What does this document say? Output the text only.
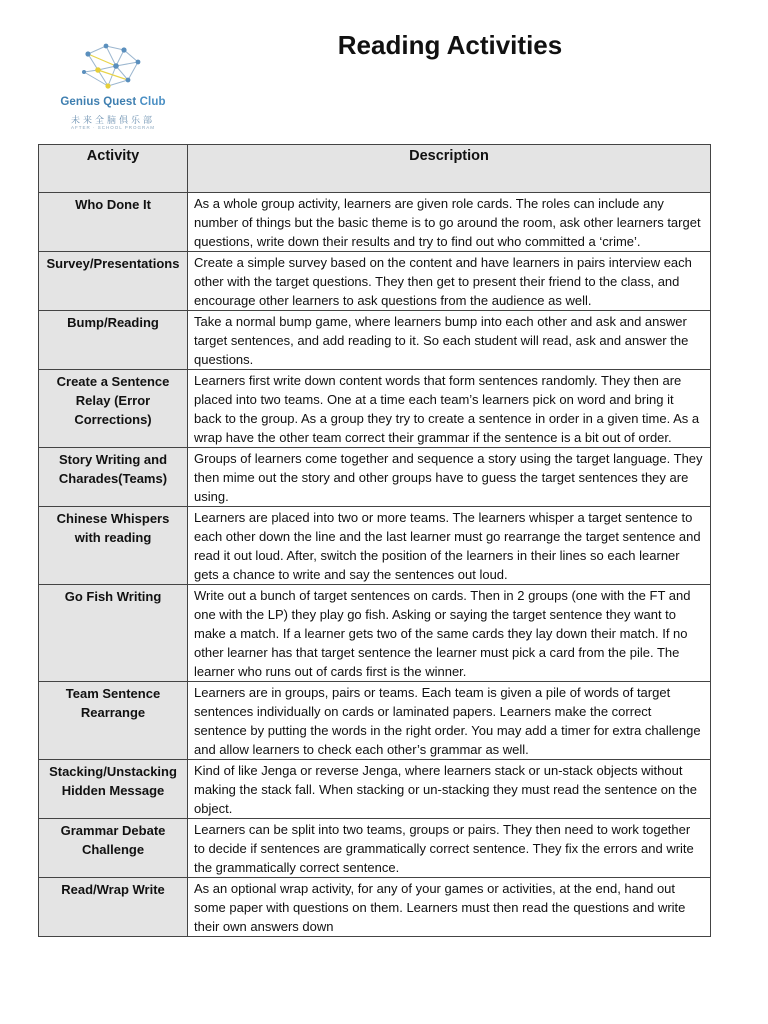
Genius Quest Club
未来全脑俱乐部
AFTER · SCHOOL PROGRAM
Reading Activities
Activity	Description
Who Done It	As a whole group activity, learners are given role cards. The roles can include any number of things but the basic theme is to go around the room, ask other learners target questions, write down their results and try to find out who committed a ‘crime’.
Survey/Presentations	Create a simple survey based on the content and have learners in pairs interview each other with the target questions. They then get to present their friend to the class, and encourage other learners to ask questions from the audience as well.
Bump/Reading	Take a normal bump game, where learners bump into each other and ask and answer target sentences, and add reading to it. So each student will read, ask and answer the questions.
Create a Sentence Relay (Error Corrections)	Learners first write down content words that form sentences randomly. They then are placed into two teams. One at a time each team’s learners pick on word and bring it back to the group. As a group they try to create a sentence in order in a given time. As a wrap have the other team correct their grammar if the sentence is a bit out of order.
Story Writing and Charades(Teams)	Groups of learners come together and sequence a story using the target language. They then mime out the story and other groups have to guess the target sentences they are using.
Chinese Whispers with reading	Learners are placed into two or more teams. The learners whisper a target sentence to each other down the line and the last learner must go rearrange the target sentence and read it out loud. After, switch the position of the learners in their lines so each learner gets a chance to write and say the sentences out loud.
Go Fish Writing	Write out a bunch of target sentences on cards. Then in 2 groups (one with the FT and one with the LP) they play go fish. Asking or saying the target sentence they want to make a match. If a learner gets two of the same cards they lay down their match. If no other learner has that target sentence the learner must pick a card from the pile. The learner who runs out of cards first is the winner.
Team Sentence Rearrange	Learners are in groups, pairs or teams. Each team is given a pile of words of target sentences individually on cards or laminated papers. Learners make the correct sentence by putting the words in the right order. You may add a timer for extra challenge and allow learners to check each other’s grammar as well.
Stacking/Unstacking Hidden Message	Kind of like Jenga or reverse Jenga, where learners stack or un-stack objects without making the stack fall. When stacking or un-stacking they must read the sentence on the object.
Grammar Debate Challenge	Learners can be split into two teams, groups or pairs. They then need to work together to decide if sentences are grammatically correct sentence. They fix the errors and write the grammatically correct sentence.
Read/Wrap Write	As an optional wrap activity, for any of your games or activities, at the end, hand out some paper with questions on them. Learners must then read the questions and write their own answers down
